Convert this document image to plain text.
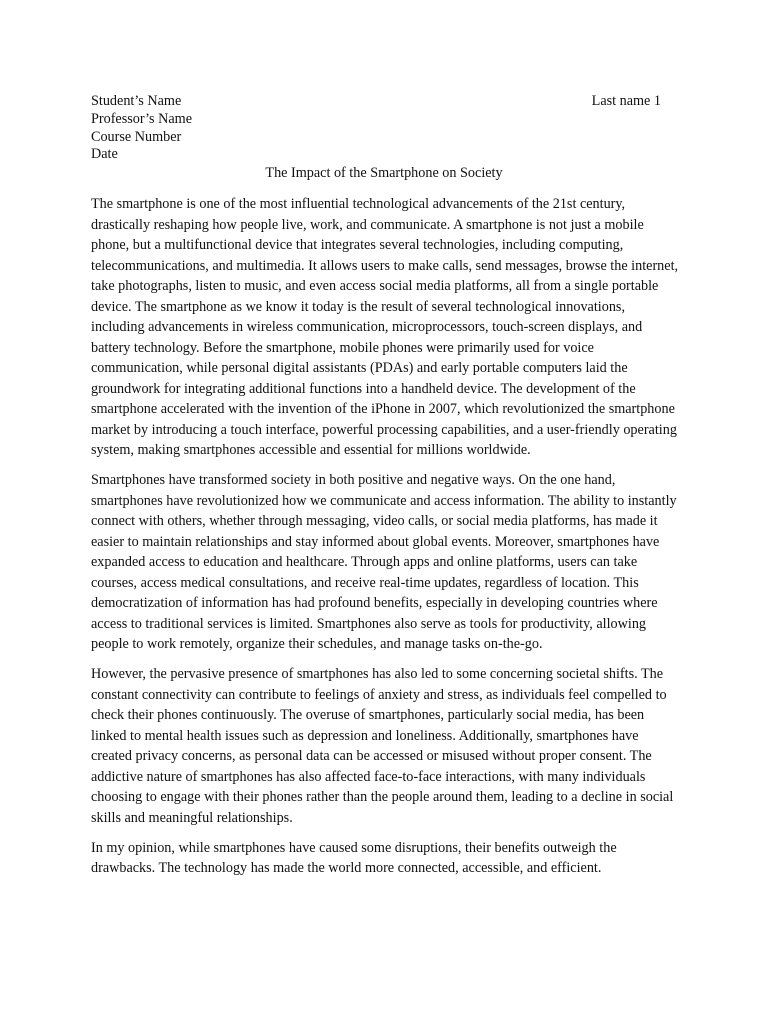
Student’s Name
Professor’s Name
Course Number
Date
Last name 1
The Impact of the Smartphone on Society

The smartphone is one of the most influential technological advancements of the 21st century, drastically reshaping how people live, work, and communicate. A smartphone is not just a mobile phone, but a multifunctional device that integrates several technologies, including computing, telecommunications, and multimedia. It allows users to make calls, send messages, browse the internet, take photographs, listen to music, and even access social media platforms, all from a single portable device. The smartphone as we know it today is the result of several technological innovations, including advancements in wireless communication, microprocessors, touch-screen displays, and battery technology. Before the smartphone, mobile phones were primarily used for voice communication, while personal digital assistants (PDAs) and early portable computers laid the groundwork for integrating additional functions into a handheld device. The development of the smartphone accelerated with the invention of the iPhone in 2007, which revolutionized the smartphone market by introducing a touch interface, powerful processing capabilities, and a user-friendly operating system, making smartphones accessible and essential for millions worldwide.

Smartphones have transformed society in both positive and negative ways. On the one hand, smartphones have revolutionized how we communicate and access information. The ability to instantly connect with others, whether through messaging, video calls, or social media platforms, has made it easier to maintain relationships and stay informed about global events. Moreover, smartphones have expanded access to education and healthcare. Through apps and online platforms, users can take courses, access medical consultations, and receive real-time updates, regardless of location. This democratization of information has had profound benefits, especially in developing countries where access to traditional services is limited. Smartphones also serve as tools for productivity, allowing people to work remotely, organize their schedules, and manage tasks on-the-go.

However, the pervasive presence of smartphones has also led to some concerning societal shifts. The constant connectivity can contribute to feelings of anxiety and stress, as individuals feel compelled to check their phones continuously. The overuse of smartphones, particularly social media, has been linked to mental health issues such as depression and loneliness. Additionally, smartphones have created privacy concerns, as personal data can be accessed or misused without proper consent. The addictive nature of smartphones has also affected face-to-face interactions, with many individuals choosing to engage with their phones rather than the people around them, leading to a decline in social skills and meaningful relationships.

In my opinion, while smartphones have caused some disruptions, their benefits outweigh the drawbacks. The technology has made the world more connected, accessible, and efficient.
